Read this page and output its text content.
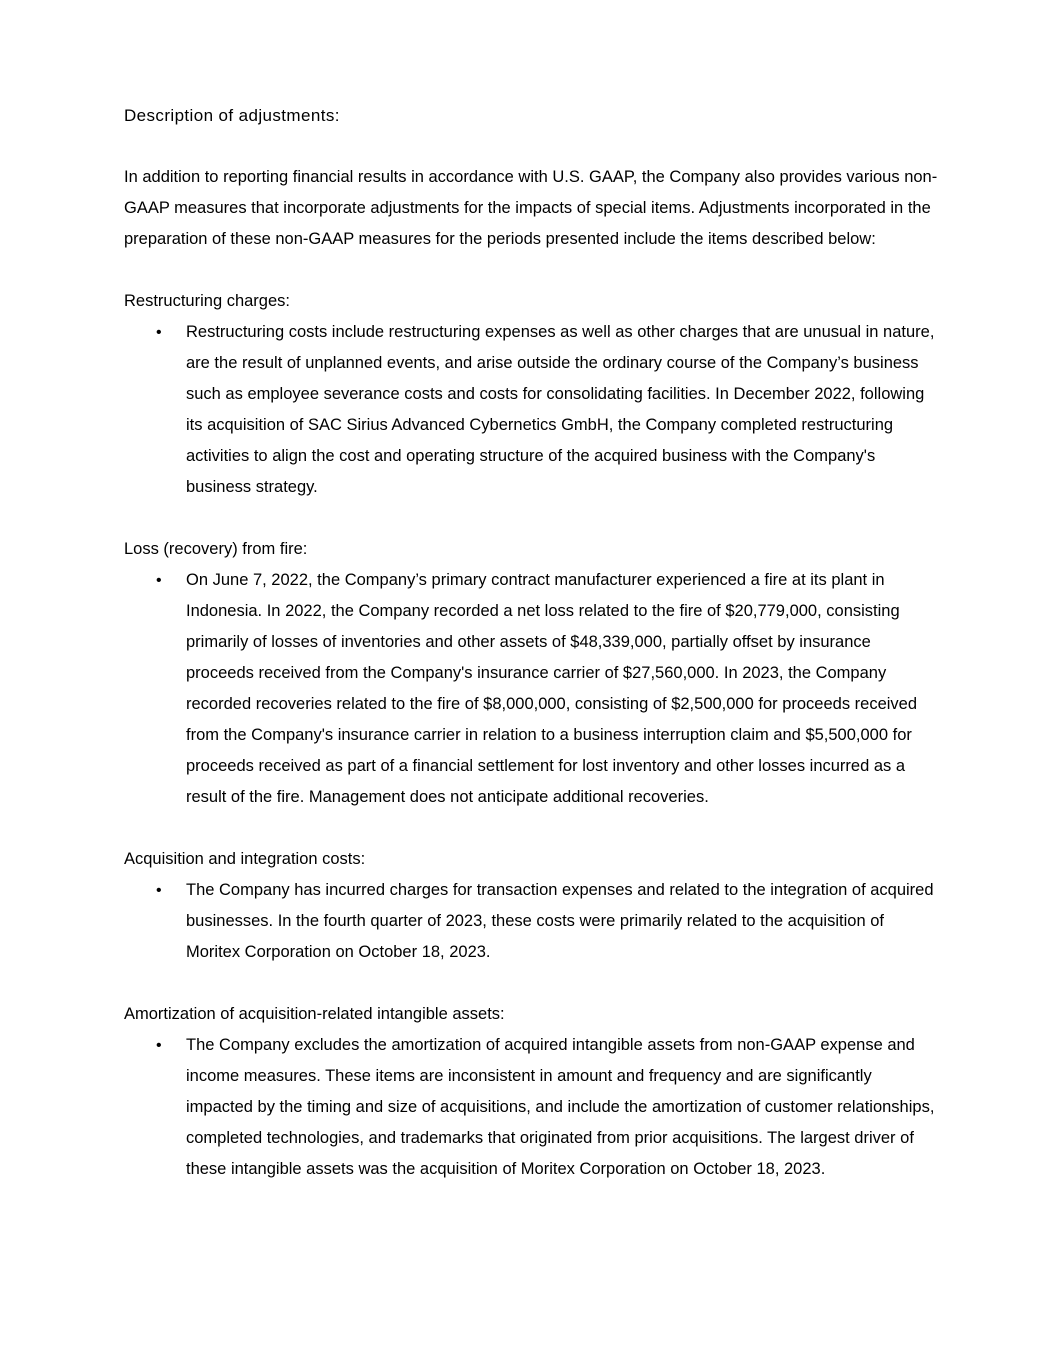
Description of adjustments:

In addition to reporting financial results in accordance with U.S. GAAP, the Company also provides various non-GAAP measures that incorporate adjustments for the impacts of special items. Adjustments incorporated in the preparation of these non-GAAP measures for the periods presented include the items described below:

Restructuring charges:

• Restructuring costs include restructuring expenses as well as other charges that are unusual in nature, are the result of unplanned events, and arise outside the ordinary course of the Company’s business such as employee severance costs and costs for consolidating facilities. In December 2022, following its acquisition of SAC Sirius Advanced Cybernetics GmbH, the Company completed restructuring activities to align the cost and operating structure of the acquired business with the Company's business strategy.

Loss (recovery) from fire:

• On June 7, 2022, the Company’s primary contract manufacturer experienced a fire at its plant in Indonesia. In 2022, the Company recorded a net loss related to the fire of $20,779,000, consisting primarily of losses of inventories and other assets of $48,339,000, partially offset by insurance proceeds received from the Company's insurance carrier of $27,560,000. In 2023, the Company recorded recoveries related to the fire of $8,000,000, consisting of $2,500,000 for proceeds received from the Company's insurance carrier in relation to a business interruption claim and $5,500,000 for proceeds received as part of a financial settlement for lost inventory and other losses incurred as a result of the fire. Management does not anticipate additional recoveries.

Acquisition and integration costs:

• The Company has incurred charges for transaction expenses and related to the integration of acquired businesses. In the fourth quarter of 2023, these costs were primarily related to the acquisition of Moritex Corporation on October 18, 2023.

Amortization of acquisition-related intangible assets:

• The Company excludes the amortization of acquired intangible assets from non-GAAP expense and income measures. These items are inconsistent in amount and frequency and are significantly impacted by the timing and size of acquisitions, and include the amortization of customer relationships, completed technologies, and trademarks that originated from prior acquisitions. The largest driver of these intangible assets was the acquisition of Moritex Corporation on October 18, 2023.
